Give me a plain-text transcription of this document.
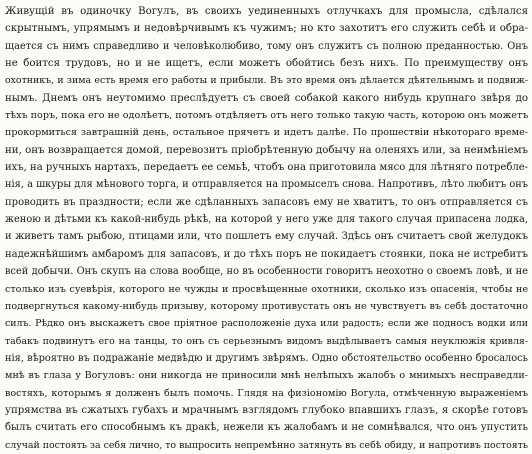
Живущій въ одиночку Вогулъ, въ своихъ уединенныхъ отлучкахъ для промысла, сдѣлался
скрытнымъ, упрямымъ и недовѣрчивымъ къ чужимъ; но кто захотитъ его служить себѣ и обра-
щается съ нимъ справедливо и человѣколюбиво, тому онъ служитъ съ полною преданностью. Онъ
не боится трудовъ, но и не ищетъ, если можетъ обойтись безъ нихъ. По преимуществу онъ
охотникъ, и зима есть время его работы и прибыли. Въ это время онъ дѣлается дѣятельнымъ и подвиж-
нымъ. Днемъ онъ неутомимо преслѣдуетъ съ своей собакой какого нибудь крупнаго звѣря до
тѣхъ поръ, пока его не одолѣетъ, потомъ отдѣляетъ отъ него только такую часть, которою онъ можетъ
прокормиться завтрашній день, остальное прячетъ и идетъ далѣе. По прошествіи нѣкотораго време-
ни, онъ возвращается домой, перевозитъ пріобрѣтенную добычу на оленяхъ или, за неимѣніемъ
ихъ, на ручныхъ нартахъ, передаетъ ее семьѣ, чтобъ она приготовила мясо для лѣтняго потребле-
нія, а шкуры для мѣнового торга, и отправляется на промыселъ снова. Напротивъ, лѣто любитъ онъ
проводить въ праздности; если же сдѣланныхъ запасовъ ему не хватитъ, то онъ отправляется съ
женою и дѣтьми къ какой-нибудь рѣкѣ, на которой у него уже для такого случая припасена лодка,
и живетъ тамъ рыбою, птицами или, что пошлетъ ему случай. Здѣсь онъ считаетъ свой желудокъ
надежнѣйшимъ амбаромъ для запасовъ, и до тѣхъ поръ не покидаетъ стоянки, пока не истребитъ
всей добычи. Онъ скупъ на слова вообще, но въ особенности говоритъ неохотно о своемъ ловѣ, и не
столько изъ суевѣрія, которого не чужды и просвѣщенные охотники, сколько изъ опасенія, чтобы не
подвергнуться какому-нибудь призыву, которому противустать онъ не чувствуетъ въ себѣ достаточно
силъ. Рѣдко онъ выскажетъ свое пріятное расположеніе духа или радость; если же подносъ водки или
табакъ подвинутъ его на танцы, то онъ съ серьезнымъ видомъ выдѣлываетъ самыя неуклюжія кривля-
нія, вѣроятно въ подражаніе медвѣдю и другимъ звѣрямъ. Одно обстоятельство особенно бросалось
мнѣ въ глаза у Вогуловъ: они никогда не приносили мнѣ нелѣпыхъ жалобъ о мнимыхъ несправедли-
востяхъ, которымъ я долженъ былъ помочь. Глядя на физіономію Вогула, отмѣченную выраженіемъ
упрямства въ сжатыхъ губахъ и мрачнымъ взглядомъ глубоко впавшихъ глазъ, я скорѣе готовъ
былъ считать его способнымъ къ дракѣ, нежели къ жалобамъ и не сомнѣвался, что онъ упустить
случай постоять за себя лично, то выпросить непремѣнно затянуть въ себѣ обиду, и напротивъ постоять
